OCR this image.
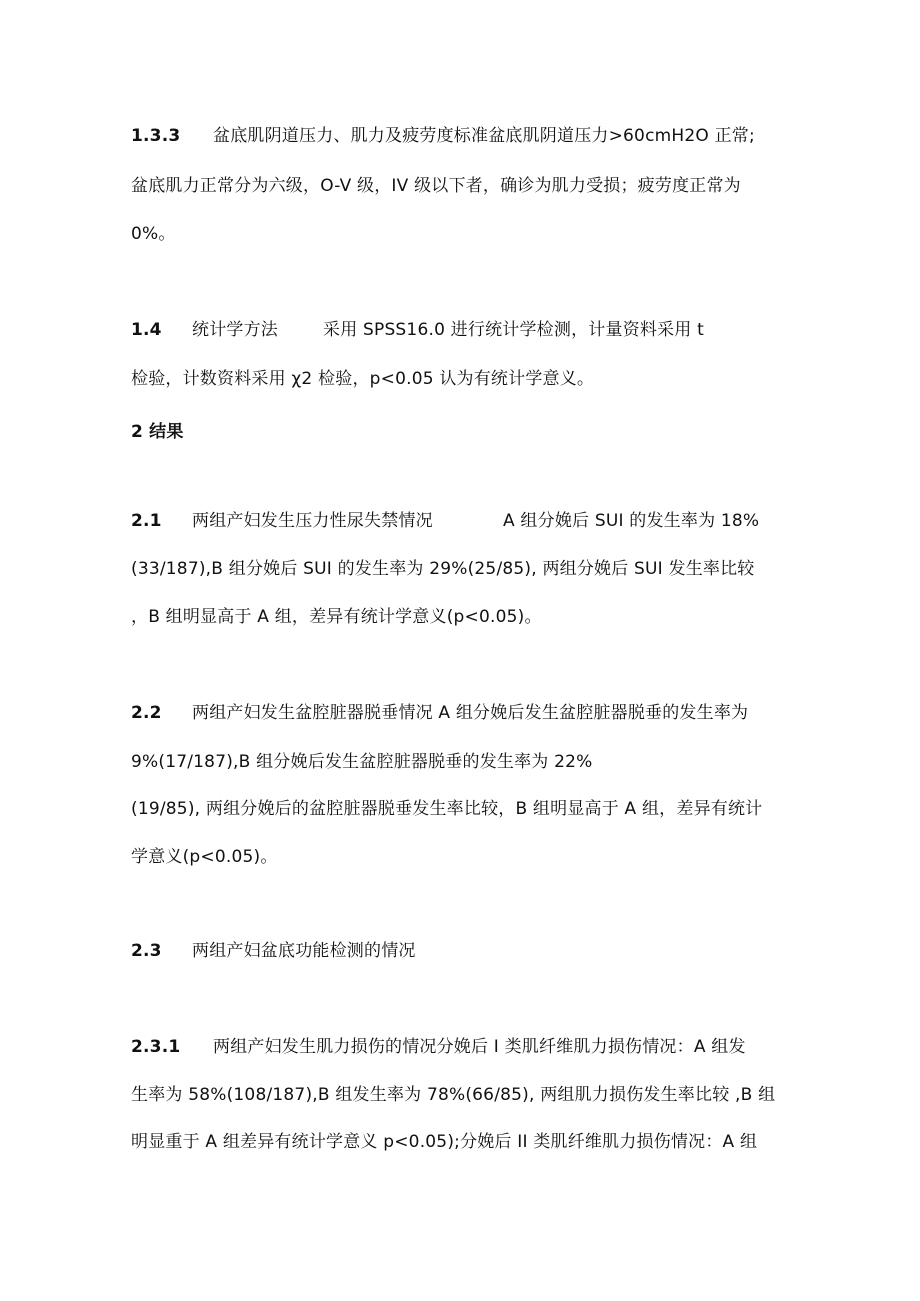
1.3.3 盆底肌阴道压力、肌力及疲劳度标准盆底肌阴道压力>60cmH2O 正常;
盆底肌力正常分为六级，O-V 级，IV 级以下者，确诊为肌力受损；疲劳度正常为
0%。
1.4 统计学方法	采用 SPSS16.0 进行统计学检测，计量资料采用 t
检验，计数资料采用 χ2 检验，p<0.05 认为有统计学意义。
2 结果
2.1 两组产妇发生压力性尿失禁情况	A 组分娩后 SUI 的发生率为 18%
(33/187),B 组分娩后 SUI 的发生率为 29%(25/85), 两组分娩后 SUI 发生率比较
，B 组明显高于 A 组，差异有统计学意义(p<0.05)。
2.2 两组产妇发生盆腔脏器脱垂情况 A 组分娩后发生盆腔脏器脱垂的发生率为
9%(17/187),B 组分娩后发生盆腔脏器脱垂的发生率为 22%
(19/85), 两组分娩后的盆腔脏器脱垂发生率比较，B 组明显高于 A 组，差异有统计
学意义(p<0.05)。
2.3 两组产妇盆底功能检测的情况
2.3.1 两组产妇发生肌力损伤的情况分娩后 I 类肌纤维肌力损伤情况：A 组发
生率为 58%(108/187),B 组发生率为 78%(66/85), 两组肌力损伤发生率比较 ,B 组
明显重于 A 组差异有统计学意义 p<0.05);分娩后 II 类肌纤维肌力损伤情况：A 组
